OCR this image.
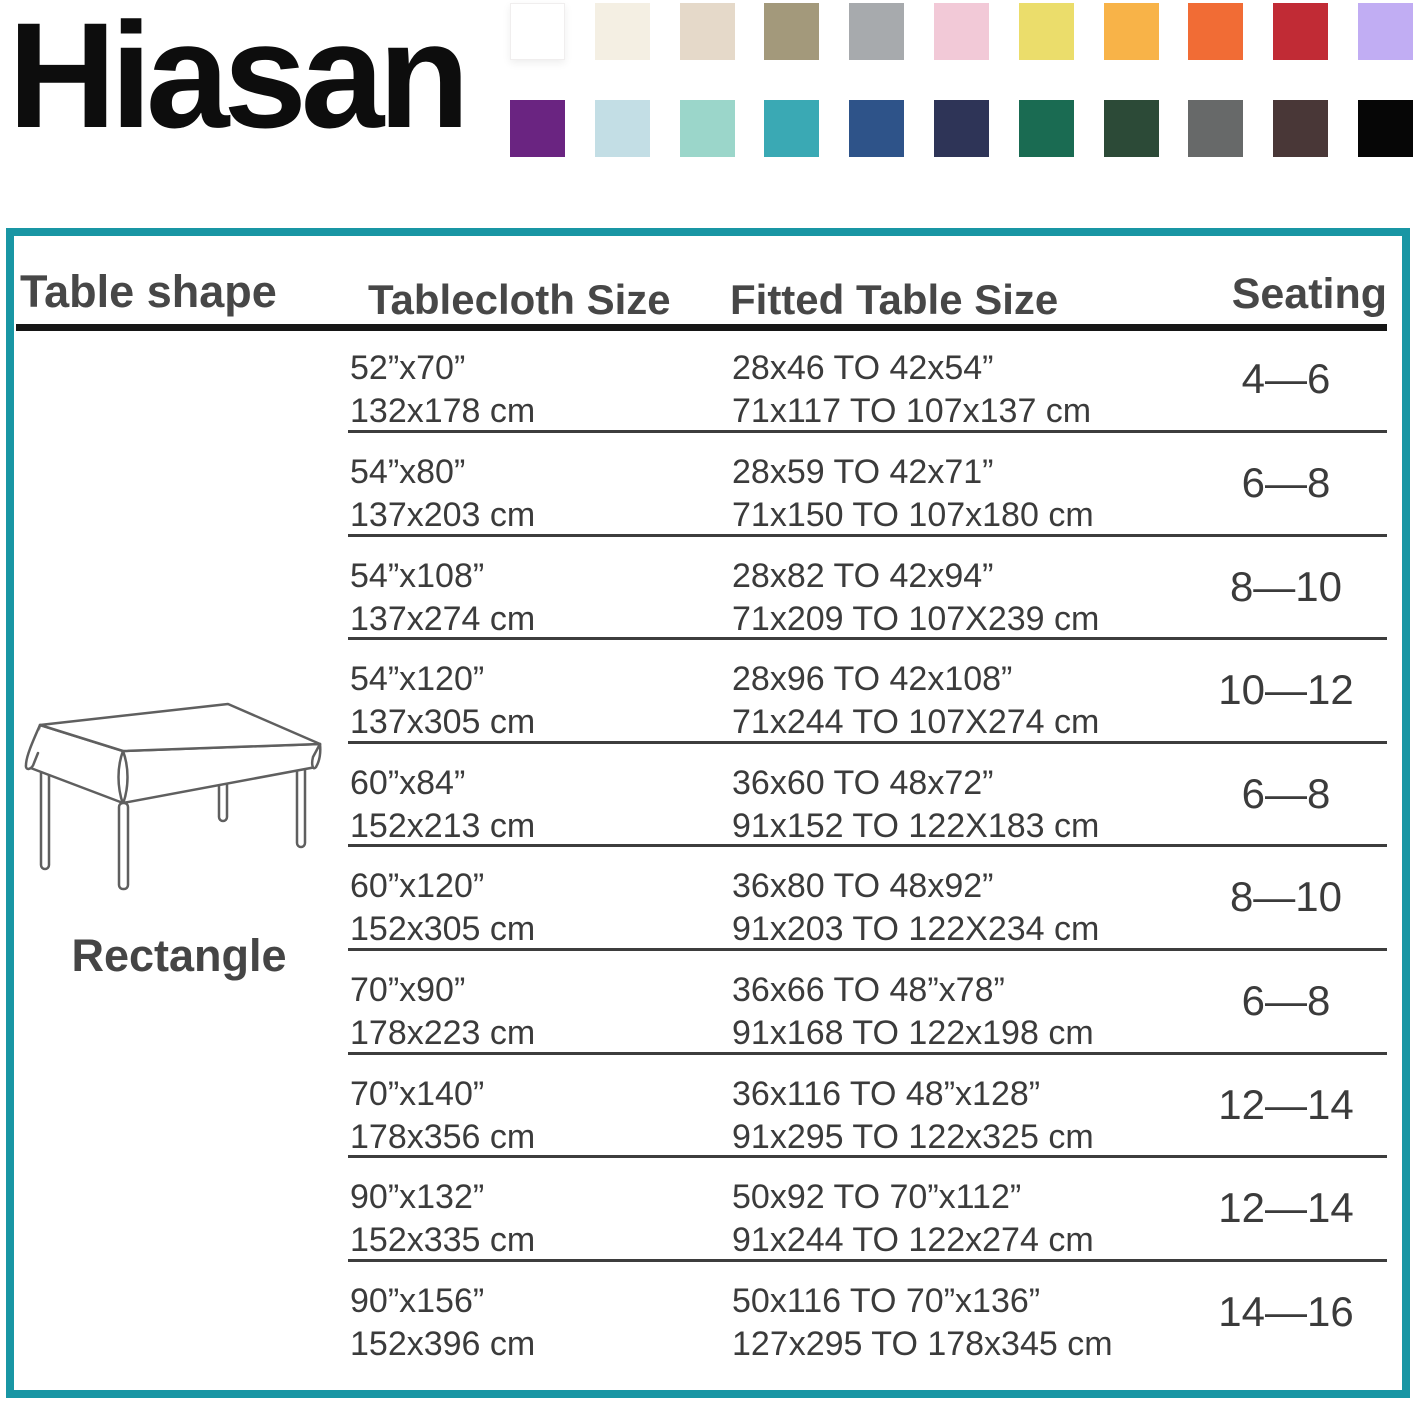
Hiasan
Table shape Tablecloth Size Fitted Table Size	Seating
Rectangle
52”x70”
132x178 cm
28x46 TO 42x54”
71x117 TO 107x137 cm
4—6
54”x80”
137x203 cm
28x59 TO 42x71”
71x150 TO 107x180 cm
6—8
54”x108”
137x274 cm
28x82 TO 42x94”
71x209 TO 107X239 cm
8—10
54”x120”
137x305 cm
28x96 TO 42x108”
71x244 TO 107X274 cm
10—12
60”x84”
152x213 cm
36x60 TO 48x72”
91x152 TO 122X183 cm
6—8
60”x120”
152x305 cm
36x80 TO 48x92”
91x203 TO 122X234 cm
8—10
70”x90”
178x223 cm
36x66 TO 48”x78”
91x168 TO 122x198 cm
6—8
70”x140”
178x356 cm
36x116 TO 48”x128”
91x295 TO 122x325 cm
12—14
90”x132”
152x335 cm
50x92 TO 70”x112”
91x244 TO 122x274 cm
12—14
90”x156”
152x396 cm
50x116 TO 70”x136”
127x295 TO 178x345 cm
14—16
